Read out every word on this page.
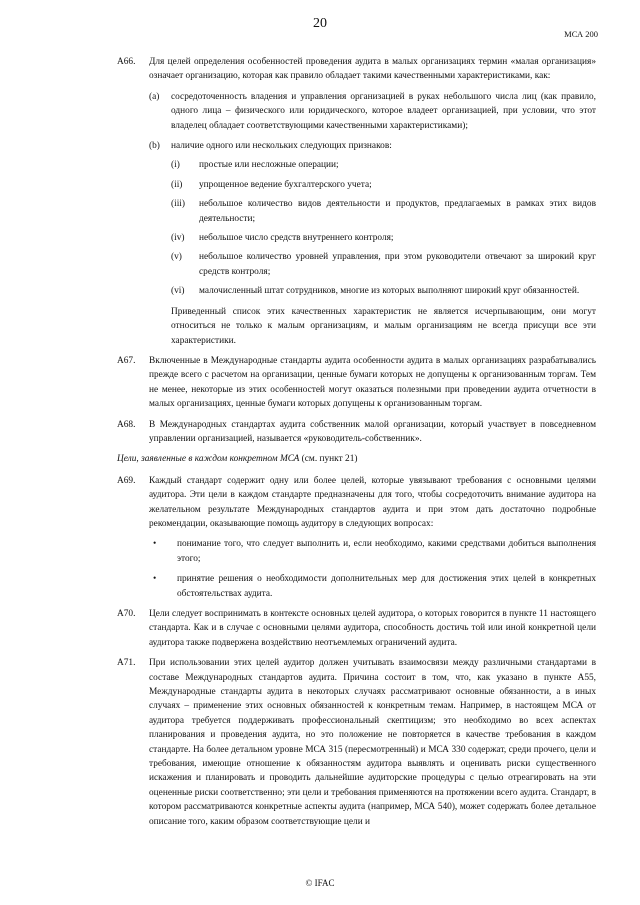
20
МСА 200
A66. Для целей определения особенностей проведения аудита в малых организациях термин «малая организация» означает организацию, которая как правило обладает такими качественными характеристиками, как:
(a) сосредоточенность владения и управления организацией в руках небольшого числа лиц (как правило, одного лица – физического или юридического, которое владеет организацией, при условии, что этот владелец обладает соответствующими качественными характеристиками);
(b) наличие одного или нескольких следующих признаков:
(i) простые или несложные операции;
(ii) упрощенное ведение бухгалтерского учета;
(iii) небольшое количество видов деятельности и продуктов, предлагаемых в рамках этих видов деятельности;
(iv) небольшое число средств внутреннего контроля;
(v) небольшое количество уровней управления, при этом руководители отвечают за широкий круг средств контроля;
(vi) малочисленный штат сотрудников, многие из которых выполняют широкий круг обязанностей.
Приведенный список этих качественных характеристик не является исчерпывающим, они могут относиться не только к малым организациям, и малым организациям не всегда присущи все эти характеристики.
A67. Включенные в Международные стандарты аудита особенности аудита в малых организациях разрабатывались прежде всего с расчетом на организации, ценные бумаги которых не допущены к организованным торгам. Тем не менее, некоторые из этих особенностей могут оказаться полезными при проведении аудита отчетности в малых организациях, ценные бумаги которых допущены к организованным торгам.
A68. В Международных стандартах аудита собственник малой организации, который участвует в повседневном управлении организацией, называется «руководитель-собственник».
Цели, заявленные в каждом конкретном МСА (см. пункт 21)
A69. Каждый стандарт содержит одну или более целей, которые увязывают требования с основными целями аудитора. Эти цели в каждом стандарте предназначены для того, чтобы сосредоточить внимание аудитора на желательном результате Международных стандартов аудита и при этом дать достаточно подробные рекомендации, оказывающие помощь аудитору в следующих вопросах:
• понимание того, что следует выполнить и, если необходимо, какими средствами добиться выполнения этого;
• принятие решения о необходимости дополнительных мер для достижения этих целей в конкретных обстоятельствах аудита.
A70. Цели следует воспринимать в контексте основных целей аудитора, о которых говорится в пункте 11 настоящего стандарта. Как и в случае с основными целями аудитора, способность достичь той или иной конкретной цели аудитора также подвержена воздействию неотъемлемых ограничений аудита.
A71. При использовании этих целей аудитор должен учитывать взаимосвязи между различными стандартами в составе Международных стандартов аудита. Причина состоит в том, что, как указано в пункте A55, Международные стандарты аудита в некоторых случаях рассматривают основные обязанности, а в иных случаях – применение этих основных обязанностей к конкретным темам. Например, в настоящем МСА от аудитора требуется поддерживать профессиональный скептицизм; это необходимо во всех аспектах планирования и проведения аудита, но это положение не повторяется в качестве требования в каждом стандарте. На более детальном уровне МСА 315 (пересмотренный) и МСА 330 содержат, среди прочего, цели и требования, имеющие отношение к обязанностям аудитора выявлять и оценивать риски существенного искажения и планировать и проводить дальнейшие аудиторские процедуры с целью отреагировать на эти оцененные риски соответственно; эти цели и требования применяются на протяжении всего аудита. Стандарт, в котором рассматриваются конкретные аспекты аудита (например, МСА 540), может содержать более детальное описание того, каким образом соответствующие цели и
© IFAC
